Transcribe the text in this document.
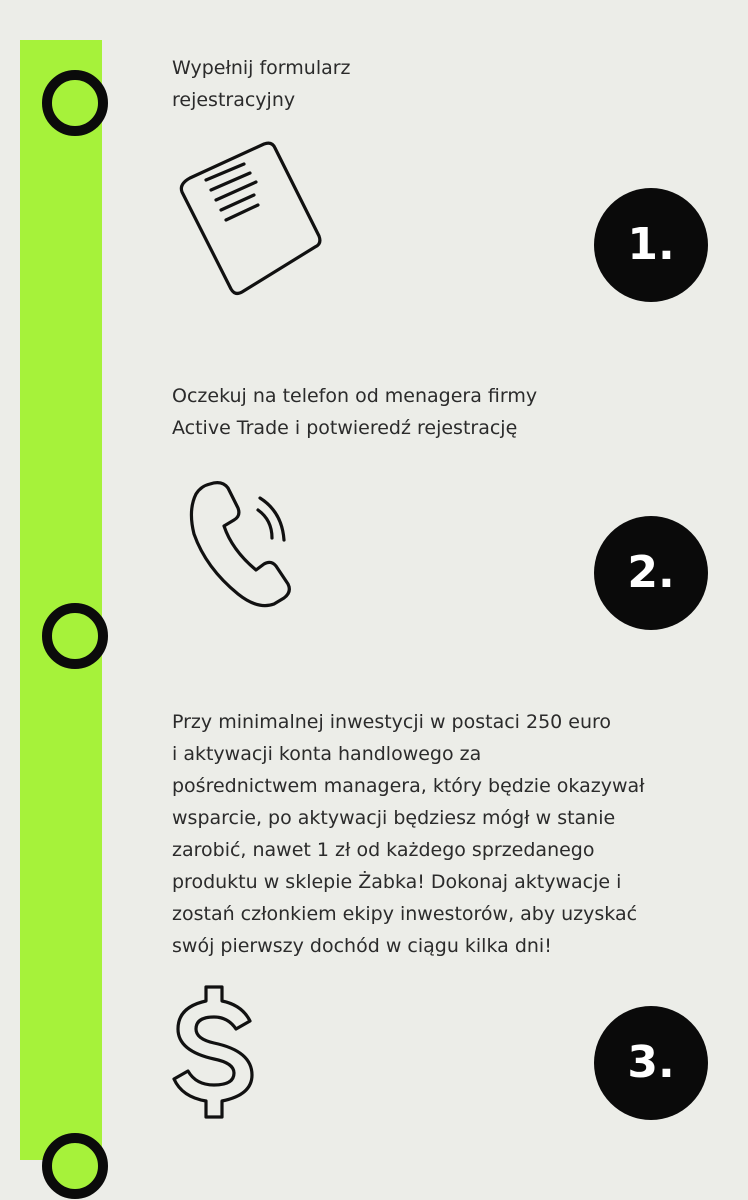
Wypełnij formularz
rejestracyjny

1.

Oczekuj na telefon od menagera firmy
Active Trade i potwieredź rejestrację

2.

Przy minimalnej inwestycji w postaci 250 euro
i aktywacji konta handlowego za
pośrednictwem managera, który będzie okazywał
wsparcie, po aktywacji będziesz mógł w stanie
zarobić, nawet 1 zł od każdego sprzedanego
produktu w sklepie Żabka! Dokonaj aktywacje i
zostań członkiem ekipy inwestorów, aby uzyskać
swój pierwszy dochód w ciągu kilka dni!

3.
